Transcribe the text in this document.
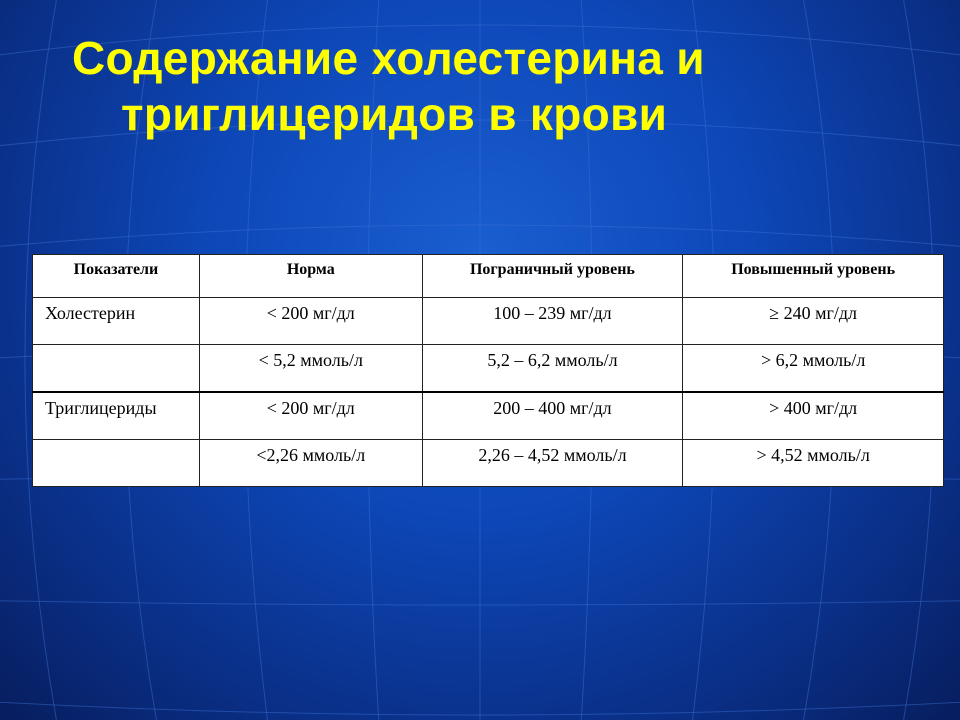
Содержание холестерина и
триглицеридов в крови
Показатели	Норма	Пограничный уровень	Повышенный уровень
Холестерин	< 200 мг/дл	100 – 239 мг/дл	≥ 240 мг/дл
	< 5,2 ммоль/л	5,2 – 6,2 ммоль/л	> 6,2 ммоль/л
Триглицериды	< 200 мг/дл	200 – 400 мг/дл	> 400 мг/дл
	<2,26 ммоль/л	2,26 – 4,52 ммоль/л	> 4,52 ммоль/л
